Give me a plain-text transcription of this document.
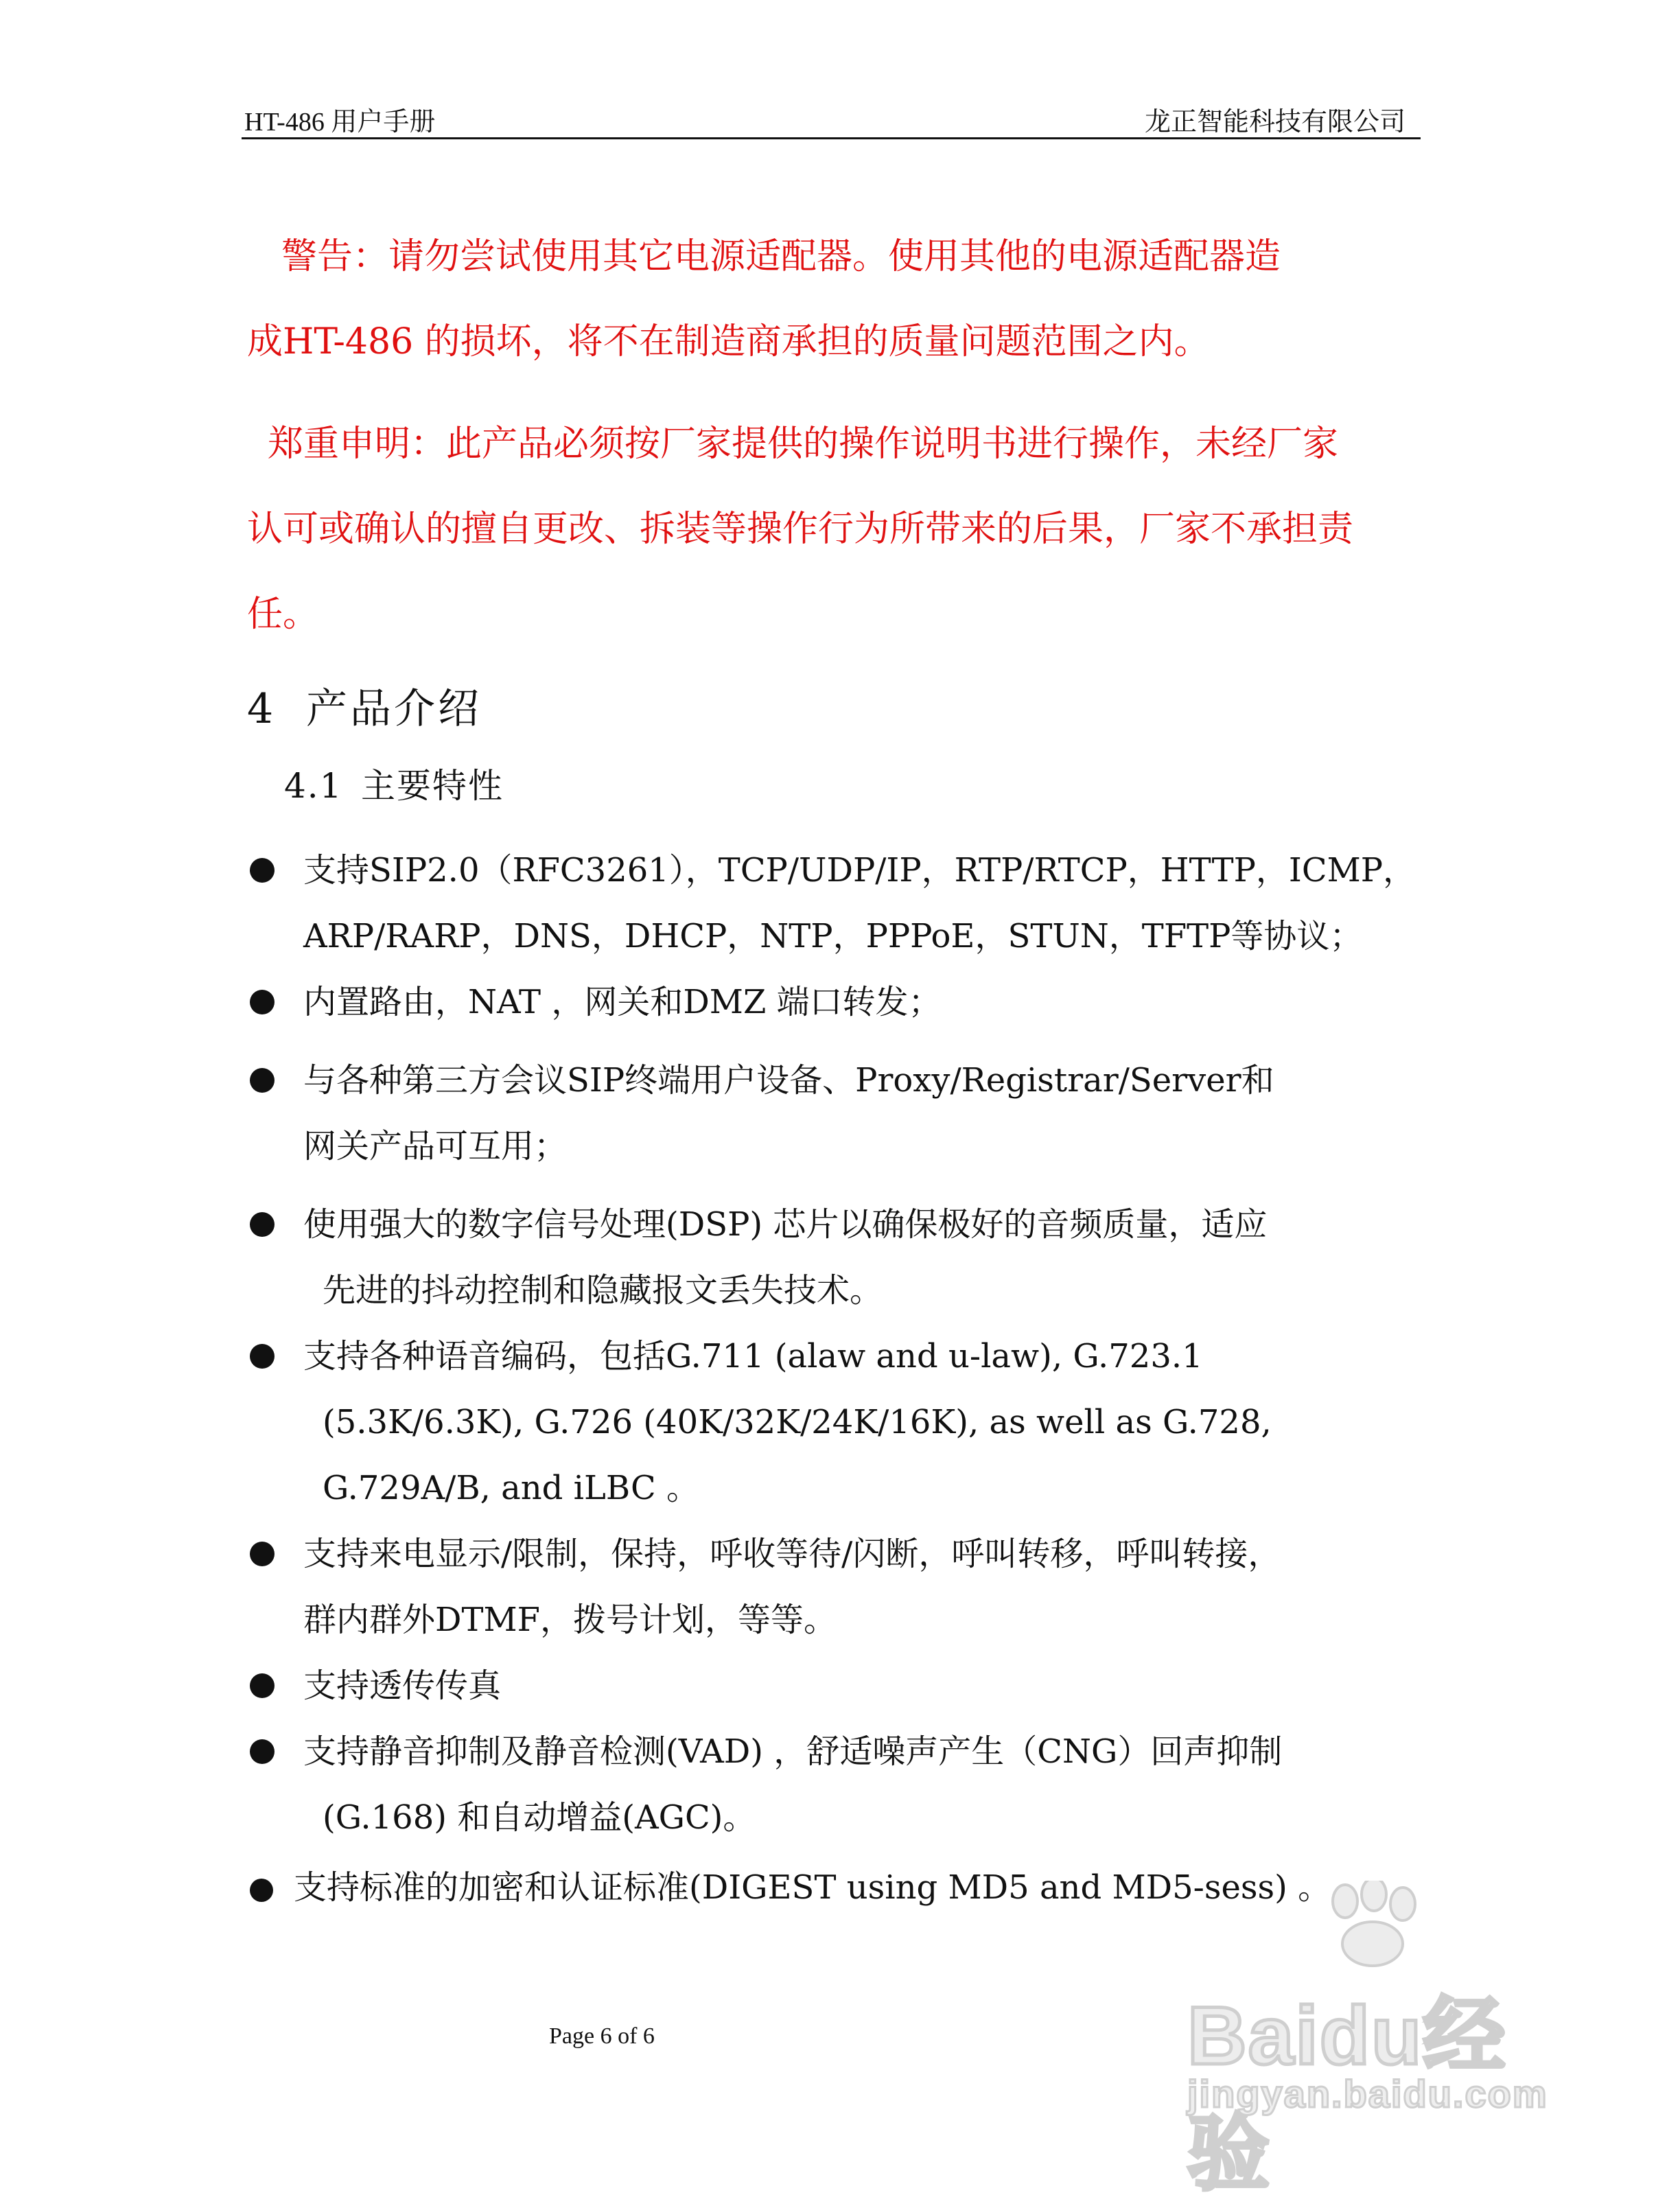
HT-486 用户手册	龙正智能科技有限公司
警告：请勿尝试使用其它电源适配器。使用其他的电源适配器造
成HT-486 的损坏，将不在制造商承担的质量问题范围之内。
郑重申明：此产品必须按厂家提供的操作说明书进行操作，未经厂家
认可或确认的擅自更改、拆装等操作行为所带来的后果，厂家不承担责
任。
4 产品介绍
4.1 主要特性
支持SIP2.0（RFC3261），TCP/UDP/IP，RTP/RTCP，HTTP，ICMP，
ARP/RARP，DNS，DHCP，NTP，PPPoE，STUN，TFTP等协议；
内置路由，NAT ，网关和DMZ 端口转发；
与各种第三方会议SIP终端用户设备、Proxy/Registrar/Server和
网关产品可互用；
使用强大的数字信号处理(DSP) 芯片以确保极好的音频质量，适应
先进的抖动控制和隐藏报文丢失技术。
支持各种语音编码，包括G.711 (alaw and u-law), G.723.1
(5.3K/6.3K), G.726 (40K/32K/24K/16K), as well as G.728,
G.729A/B, and iLBC 。
支持来电显示/限制，保持，呼收等待/闪断，呼叫转移，呼叫转接，
群内群外DTMF，拨号计划，等等。
支持透传传真
支持静音抑制及静音检测(VAD) ，舒适噪声产生（CNG）回声抑制
(G.168) 和自动增益(AGC)。
支持标准的加密和认证标准(DIGEST using MD5 and MD5-sess) 。
Page 6 of 6	Baidu经验
jingyan.baidu.com
